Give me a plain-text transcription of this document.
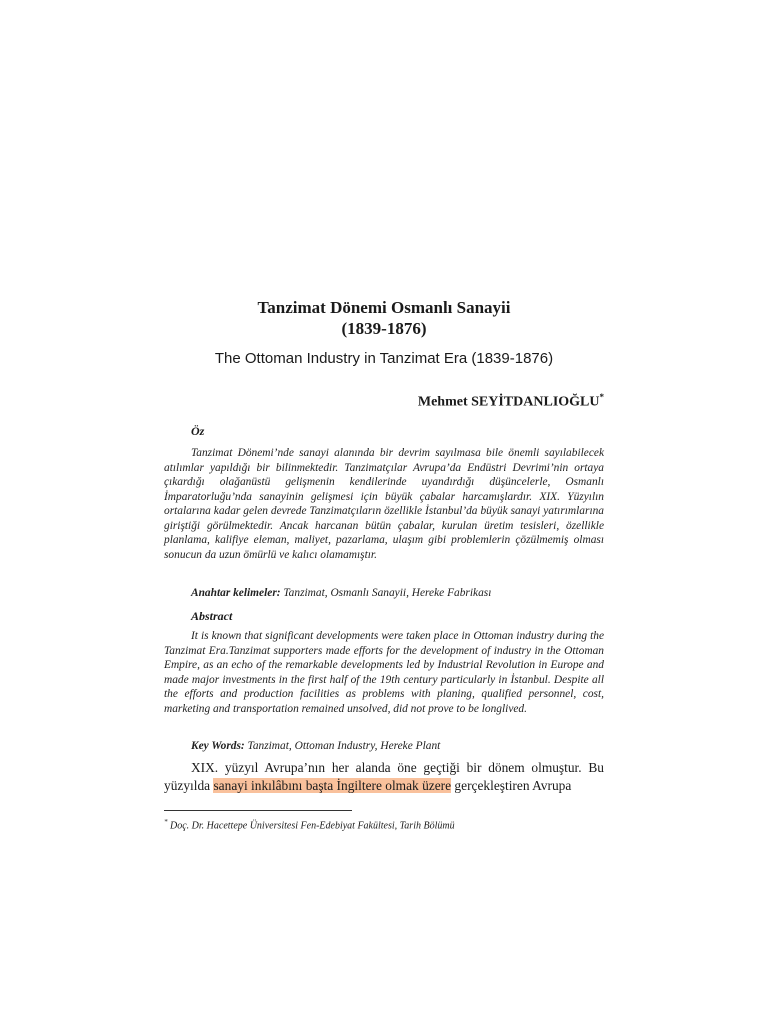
Tanzimat Dönemi Osmanlı Sanayii
(1839-1876)
The Ottoman Industry in Tanzimat Era (1839-1876)
Mehmet SEYİTDANLIOĞLU*
Öz

Tanzimat Dönemi’nde sanayi alanında bir devrim sayılmasa bile önemli sayılabilecek atılımlar yapıldığı bir bilinmektedir. Tanzimatçılar Avrupa’da Endüstri Devrimi’nin ortaya çıkardığı olağanüstü gelişmenin kendilerinde uyandırdığı düşüncelerle, Osmanlı İmparatorluğu’nda sanayinin gelişmesi için büyük çabalar harcamışlardır. XIX. Yüzyılın ortalarına kadar gelen devrede Tanzimatçıların özellikle İstanbul’da büyük sanayi yatırımlarına giriştiği görülmektedir. Ancak harcanan bütün çabalar, kurulan üretim tesisleri, özellikle planlama, kalifiye eleman, maliyet, pazarlama, ulaşım gibi problemlerin çözülmemiş olması sonucun da uzun ömürlü ve kalıcı olamamıştır.

Anahtar kelimeler: Tanzimat, Osmanlı Sanayii, Hereke Fabrikası

Abstract

It is known that significant developments were taken place in Ottoman industry during the Tanzimat Era.Tanzimat supporters made efforts for the development of industry in the Ottoman Empire, as an echo of the remarkable developments led by Industrial Revolution in Europe and made major investments in the first half of the 19th century particularly in İstanbul. Despite all the efforts and production facilities as problems with planing, qualified personnel, cost, marketing and transportation remained unsolved, did not prove to be longlived.

Key Words: Tanzimat, Ottoman Industry, Hereke Plant

XIX. yüzyıl Avrupa’nın her alanda öne geçtiği bir dönem olmuştur. Bu yüzyılda sanayi inkılâbını başta İngiltere olmak üzere gerçekleştiren Avrupa

* Doç. Dr. Hacettepe Üniversitesi Fen-Edebiyat Fakültesi, Tarih Bölümü
